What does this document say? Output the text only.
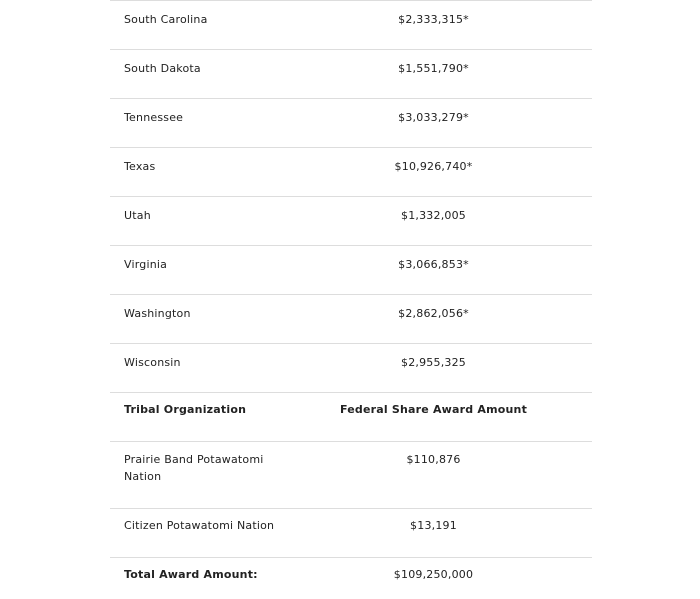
South Carolina	$2,333,315*
South Dakota	$1,551,790*
Tennessee	$3,033,279*
Texas	$10,926,740*
Utah	$1,332,005
Virginia	$3,066,853*
Washington	$2,862,056*
Wisconsin	$2,955,325
Tribal Organization	Federal Share Award Amount
Prairie Band Potawatomi Nation	$110,876
Citizen Potawatomi Nation	$13,191
Total Award Amount:	$109,250,000
